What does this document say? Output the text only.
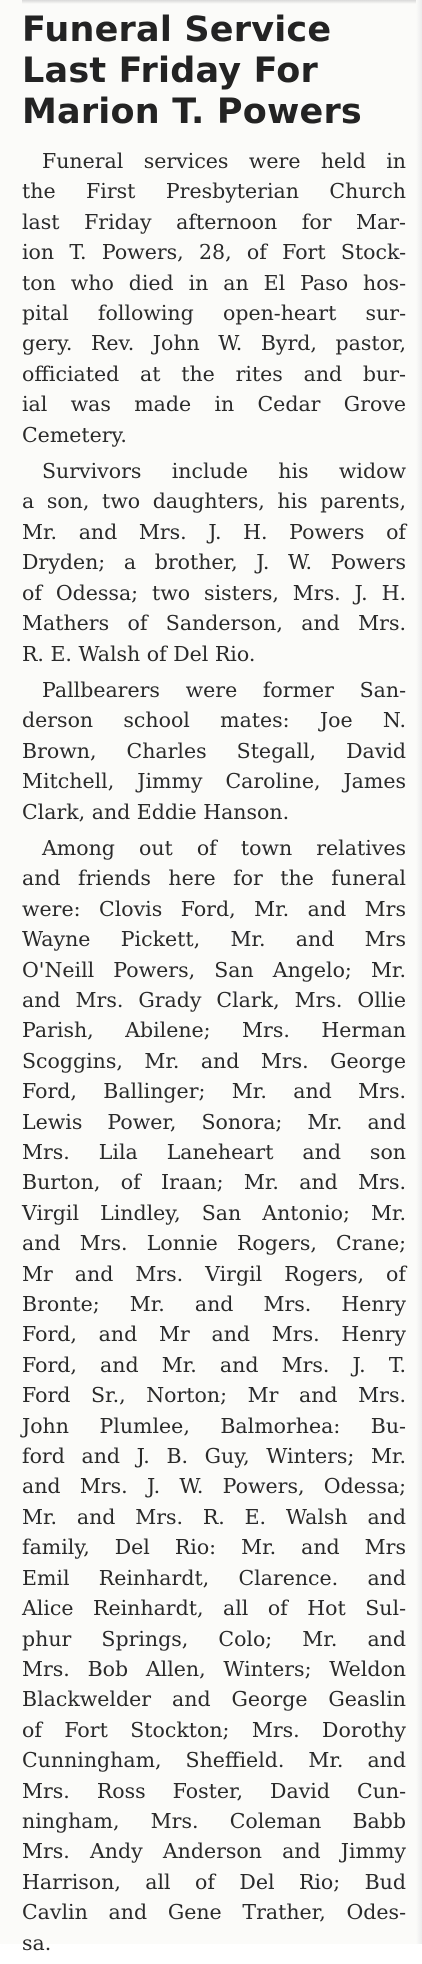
Funeral Service
Last Friday For
Marion T. Powers

Funeral services were held in
the First Presbyterian Church
last Friday afternoon for Mar-
ion T. Powers, 28, of Fort Stock-
ton who died in an El Paso hos-
pital following open-heart sur-
gery. Rev. John W. Byrd, pastor,
officiated at the rites and bur-
ial was made in Cedar Grove
Cemetery.

Survivors include his widow
a son, two daughters, his parents,
Mr. and Mrs. J. H. Powers of
Dryden; a brother, J. W. Powers
of Odessa; two sisters, Mrs. J. H.
Mathers of Sanderson, and Mrs.
R. E. Walsh of Del Rio.

Pallbearers were former San-
derson school mates: Joe N.
Brown, Charles Stegall, David
Mitchell, Jimmy Caroline, James
Clark, and Eddie Hanson.

Among out of town relatives
and friends here for the funeral
were: Clovis Ford, Mr. and Mrs
Wayne Pickett, Mr. and Mrs
O'Neill Powers, San Angelo; Mr.
and Mrs. Grady Clark, Mrs. Ollie
Parish, Abilene; Mrs. Herman
Scoggins, Mr. and Mrs. George
Ford, Ballinger; Mr. and Mrs.
Lewis Power, Sonora; Mr. and
Mrs. Lila Laneheart and son
Burton, of Iraan; Mr. and Mrs.
Virgil Lindley, San Antonio; Mr.
and Mrs. Lonnie Rogers, Crane;
Mr and Mrs. Virgil Rogers, of
Bronte; Mr. and Mrs. Henry
Ford, and Mr and Mrs. Henry
Ford, and Mr. and Mrs. J. T.
Ford Sr., Norton; Mr and Mrs.
John Plumlee, Balmorhea: Bu-
ford and J. B. Guy, Winters; Mr.
and Mrs. J. W. Powers, Odessa;
Mr. and Mrs. R. E. Walsh and
family, Del Rio: Mr. and Mrs
Emil Reinhardt, Clarence. and
Alice Reinhardt, all of Hot Sul-
phur Springs, Colo; Mr. and
Mrs. Bob Allen, Winters; Weldon
Blackwelder and George Geaslin
of Fort Stockton; Mrs. Dorothy
Cunningham, Sheffield. Mr. and
Mrs. Ross Foster, David Cun-
ningham, Mrs. Coleman Babb
Mrs. Andy Anderson and Jimmy
Harrison, all of Del Rio; Bud
Cavlin and Gene Trather, Odes-
sa.
